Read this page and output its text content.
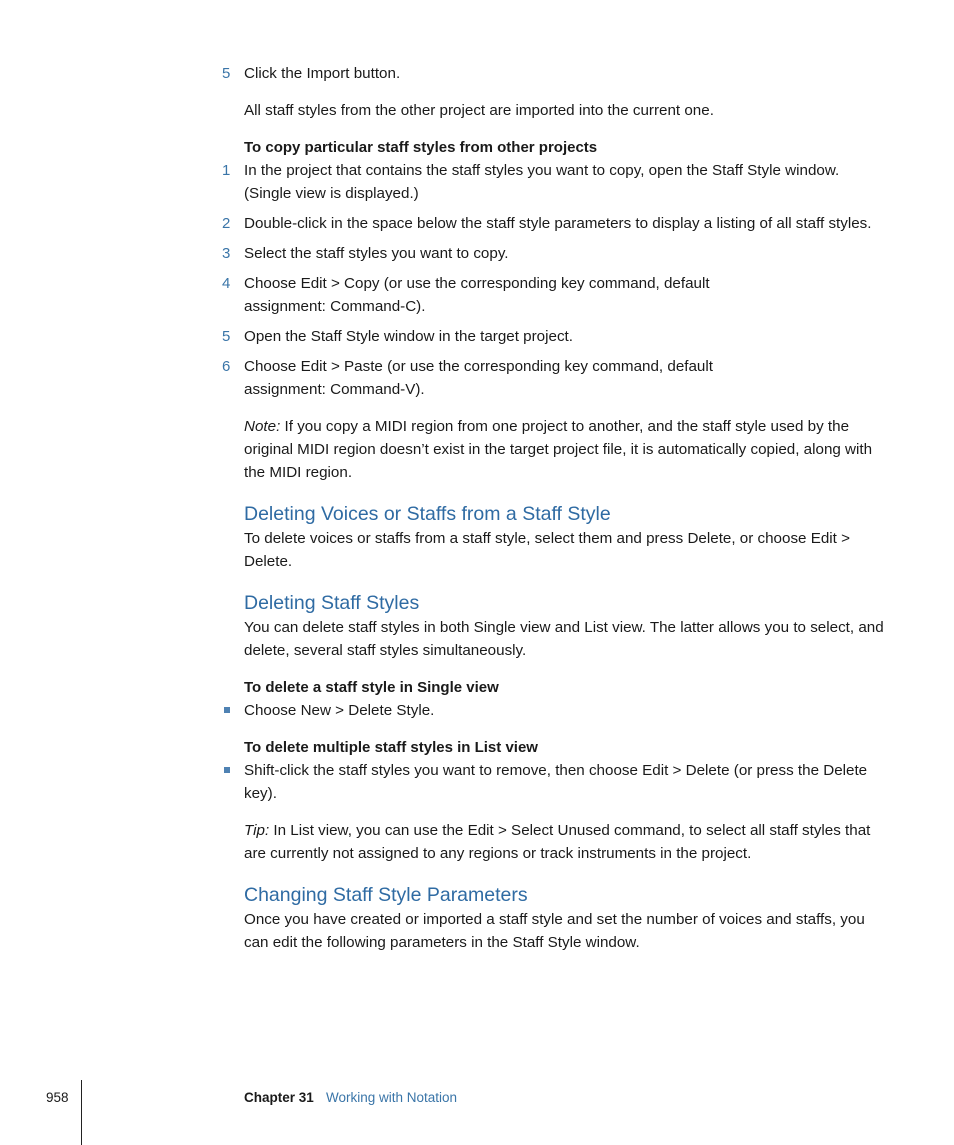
5 Click the Import button.

All staff styles from the other project are imported into the current one.

To copy particular staff styles from other projects

1 In the project that contains the staff styles you want to copy, open the Staff Style window. (Single view is displayed.)

2 Double-click in the space below the staff style parameters to display a listing of all staff styles.

3 Select the staff styles you want to copy.

4 Choose Edit > Copy (or use the corresponding key command, default assignment: Command-C).

5 Open the Staff Style window in the target project.

6 Choose Edit > Paste (or use the corresponding key command, default assignment: Command-V).

Note: If you copy a MIDI region from one project to another, and the staff style used by the original MIDI region doesn’t exist in the target project file, it is automatically copied, along with the MIDI region.

Deleting Voices or Staffs from a Staff Style

To delete voices or staffs from a staff style, select them and press Delete, or choose Edit > Delete.

Deleting Staff Styles

You can delete staff styles in both Single view and List view. The latter allows you to select, and delete, several staff styles simultaneously.

To delete a staff style in Single view

Choose New > Delete Style.

To delete multiple staff styles in List view

Shift-click the staff styles you want to remove, then choose Edit > Delete (or press the Delete key).

Tip: In List view, you can use the Edit > Select Unused command, to select all staff styles that are currently not assigned to any regions or track instruments in the project.

Changing Staff Style Parameters

Once you have created or imported a staff style and set the number of voices and staffs, you can edit the following parameters in the Staff Style window.

958	Chapter 31 Working with Notation
